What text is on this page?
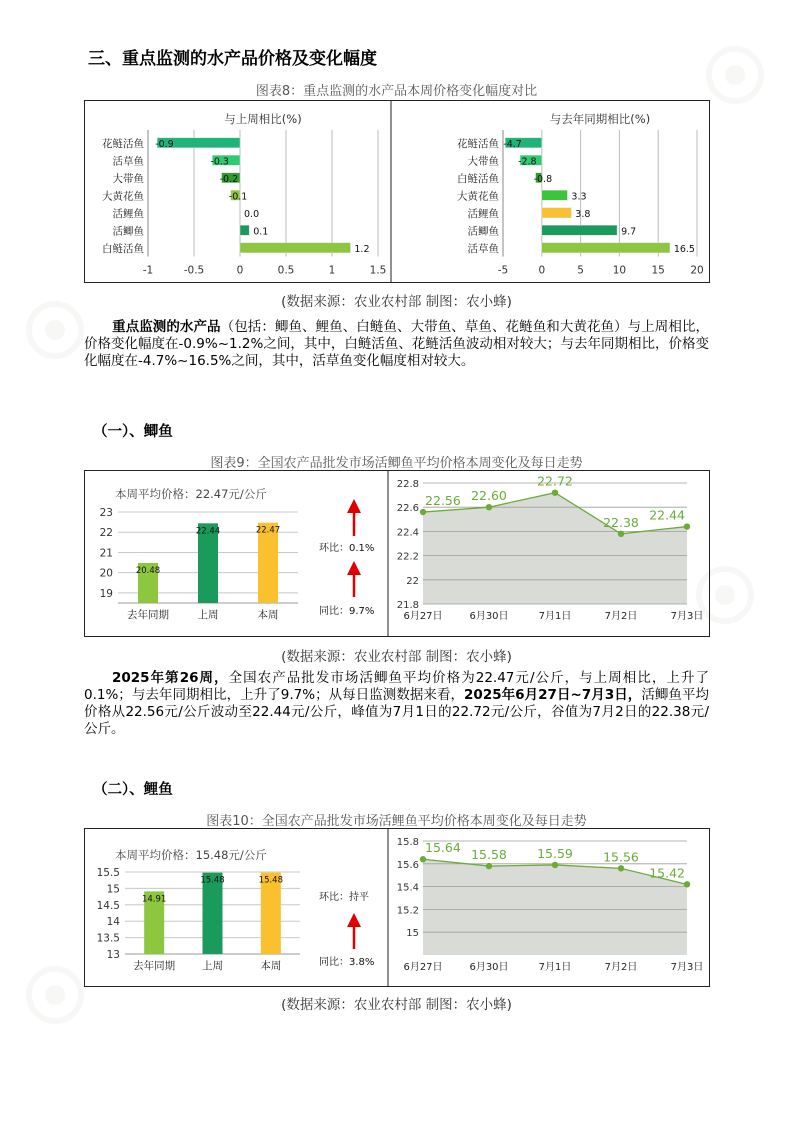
三、重点监测的水产品价格及变化幅度
图表8：重点监测的水产品本周价格变化幅度对比
与上周相比(%)
-1	-0.5	0	0.5	1	1.5
花鲢活鱼 -0.9
活草鱼	-0.3
大带鱼	-0.2
大黄花鱼	-0.1
活鲤鱼	0.0
活鲫鱼	0.1
白鲢活鱼	1.2
与去年同期相比(%)
-5	0	5	10 15 20
花鲢活鱼 -4.7
大带鱼 -2.8
白鲢活鱼	-0.8
大黄花鱼	3.3
活鲤鱼	3.8
活鲫鱼	9.7
活草鱼	16.5
(数据来源：农业农村部 制图：农小蜂)
重点监测的水产品（包括：鲫鱼、鲤鱼、白鲢鱼、大带鱼、草鱼、花鲢鱼和大黄花鱼）与上周相比，价格变化幅度在-0.9%~1.2%之间，其中，白鲢活鱼、花鲢活鱼波动相对较大；与去年同期相比，价格变化幅度在-4.7%~16.5%之间，其中，活草鱼变化幅度相对较大。
（一）、鲫鱼
图表9：全国农产品批发市场活鲫鱼平均价格本周变化及每日走势
本周平均价格：22.47元/公斤
环比：0.1%
同比：9.7%
19
20
21
22
23
20.48
去年同期
22.44
上周
22.47
本周
21.8
22
22.2
22.4
22.6
22.8
22.56 22.60
22.72
22.38 22.44
6月27日	6月30日	7月1日	7月2日	7月3日
(数据来源：农业农村部 制图：农小蜂)
2025年第26周，全国农产品批发市场活鲫鱼平均价格为22.47元/公斤，与上周相比，上升了0.1%；与去年同期相比，上升了9.7%；从每日监测数据来看，2025年6月27日~7月3日，活鲫鱼平均价格从22.56元/公斤波动至22.44元/公斤，峰值为7月1日的22.72元/公斤，谷值为7月2日的22.38元/公斤。
（二）、鲤鱼
图表10：全国农产品批发市场活鲤鱼平均价格本周变化及每日走势
本周平均价格：15.48元/公斤
环比：持平
同比：3.8%
13
13.5
14
14.5
15
15.5
14.91
去年同期
15.48
上周
15.48
本周
15
15.2
15.4
15.6
15.8 15.64 15.58 15.59 15.56
15.42
6月27日	6月30日	7月1日	7月2日	7月3日
(数据来源：农业农村部 制图：农小蜂)
